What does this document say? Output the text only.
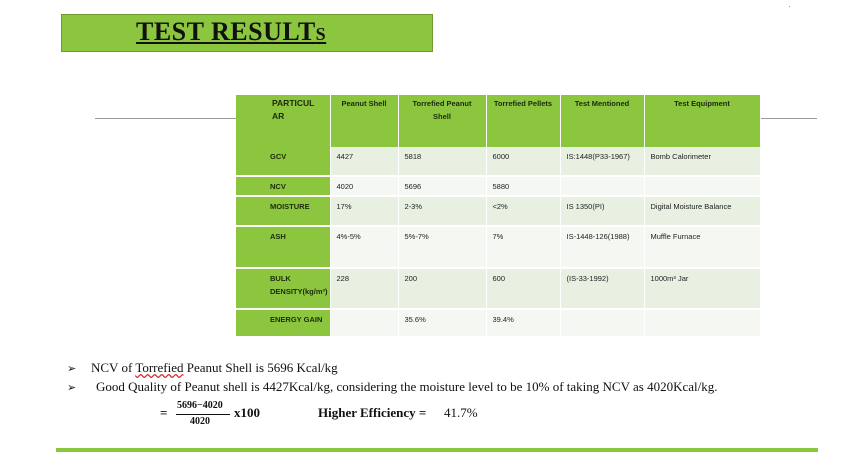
TEST RESULTS
PARTICUL AR	Peanut Shell	Torrefied Peanut Shell	Torrefied Pellets	Test Mentioned	Test Equipment
GCV	4427	5818	6000	IS:1448(P33-1967)	Bomb Calorimeter
NCV	4020	5696	5880		
MOISTURE	17%	2-3%	<2%	IS 1350(PI)	Digital Moisture Balance
ASH	4%-5%	5%-7%	7%	IS-1448-126(1988)	Muffle Furnace
BULK DENSITY(kg/m³)	228	200	600	(IS-33-1992)	1000m³ Jar
ENERGY GAIN		35.6%	39.4%		
➢ NCV of Torrefied Peanut Shell is 5696 Kcal/kg
➢ Good Quality of Peanut shell is 4427Kcal/kg, considering the moisture level to be 10% of taking NCV as 4020Kcal/kg.
= 5696−4020
4020
x100	Higher Efficiency = 41.7%
